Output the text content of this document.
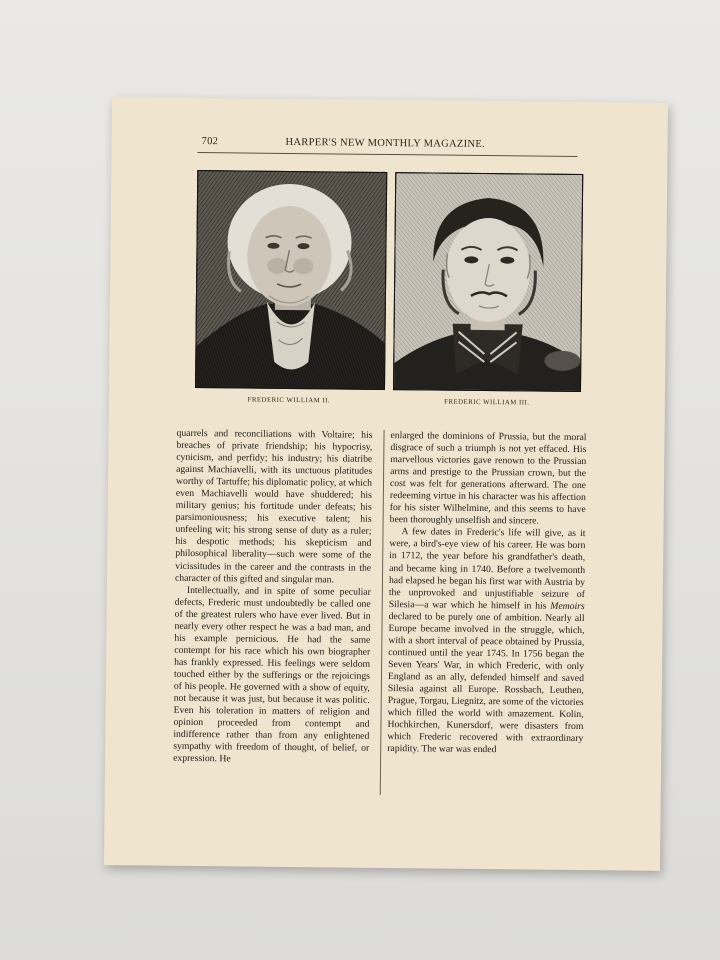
702	HARPER'S NEW MONTHLY MAGAZINE.
FREDERIC WILLIAM II.	FREDERIC WILLIAM III.

quarrels and reconciliations with Voltaire; his breaches of private friendship; his hypocrisy, cynicism, and perfidy; his industry; his diatribe against Machiavelli, with its unctuous platitudes worthy of Tartuffe; his diplomatic policy, at which even Machiavelli would have shuddered; his military genius; his fortitude under defeats; his parsimoniousness; his executive talent; his unfeeling wit; his strong sense of duty as a ruler; his despotic methods; his skepticism and philosophical liberality—such were some of the vicissitudes in the career and the contrasts in the character of this gifted and singular man.

Intellectually, and in spite of some peculiar defects, Frederic must undoubtedly be called one of the greatest rulers who have ever lived. But in nearly every other respect he was a bad man, and his example pernicious. He had the same contempt for his race which his own biographer has frankly expressed. His feelings were seldom touched either by the sufferings or the rejoicings of his people. He governed with a show of equity, not because it was just, but because it was politic. Even his toleration in matters of religion and opinion proceeded from contempt and indifference rather than from any enlightened sympathy with freedom of thought, of belief, or expression. He

enlarged the dominions of Prussia, but the moral disgrace of such a triumph is not yet effaced. His marvellous victories gave renown to the Prussian arms and prestige to the Prussian crown, but the cost was felt for generations afterward. The one redeeming virtue in his character was his affection for his sister Wilhelmine, and this seems to have been thoroughly unselfish and sincere.

A few dates in Frederic's life will give, as it were, a bird's-eye view of his career. He was born in 1712, the year before his grandfather's death, and became king in 1740. Before a twelvemonth had elapsed he began his first war with Austria by the unprovoked and unjustifiable seizure of Silesia—a war which he himself in his Memoirs declared to be purely one of ambition. Nearly all Europe became involved in the struggle, which, with a short interval of peace obtained by Prussia, continued until the year 1745. In 1756 began the Seven Years' War, in which Frederic, with only England as an ally, defended himself and saved Silesia against all Europe. Rossbach, Leuthen, Prague, Torgau, Liegnitz, are some of the victories which filled the world with amazement. Kolin, Hochkirchen, Kunersdorf, were disasters from which Frederic recovered with extraordinary rapidity. The war was ended
